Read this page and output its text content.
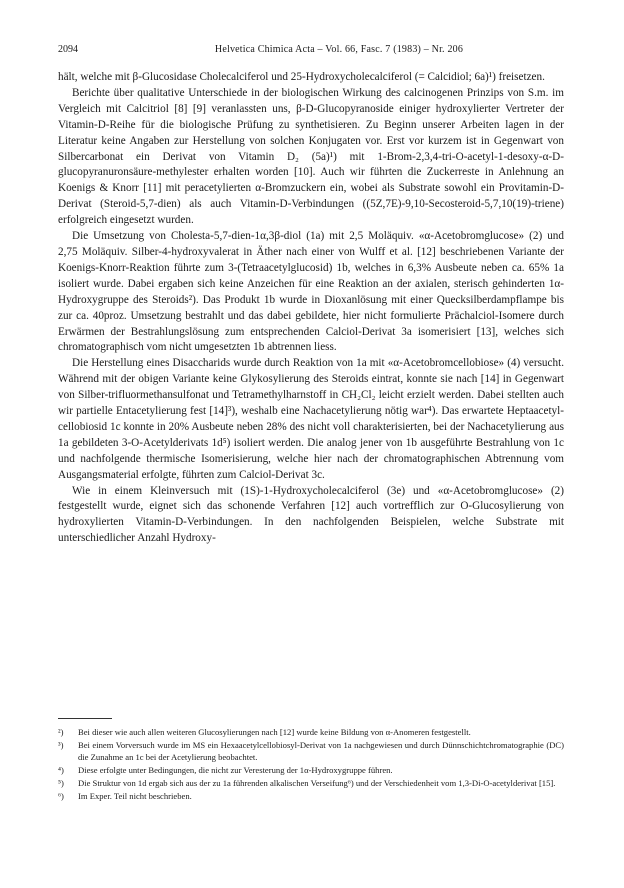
2094	Helvetica Chimica Acta – Vol. 66, Fasc. 7 (1983) – Nr. 206

hält, welche mit β-Glucosidase Cholecalciferol und 25-Hydroxycholecalciferol (= Calcidiol; 6a)¹) freisetzen.

Berichte über qualitative Unterschiede in der biologischen Wirkung des calcinogenen Prinzips von S.m. im Vergleich mit Calcitriol [8] [9] veranlassten uns, β-D-Glucopyranoside einiger hydroxylierter Vertreter der Vitamin-D-Reihe für die biologische Prüfung zu synthetisieren. Zu Beginn unserer Arbeiten lagen in der Literatur keine Angaben zur Herstellung von solchen Konjugaten vor. Erst vor kurzem ist in Gegenwart von Silbercarbonat ein Derivat von Vitamin D₂ (5a)¹) mit 1-Brom-2,3,4-tri-O-acetyl-1-desoxy-α-D-glucopyranuronsäure-methylester erhalten worden [10]. Auch wir führten die Zuckerreste in Anlehnung an Koenigs & Knorr [11] mit peracetylierten α-Bromzuckern ein, wobei als Substrate sowohl ein Provitamin-D-Derivat (Steroid-5,7-dien) als auch Vitamin-D-Verbindungen ((5Z,7E)-9,10-Secosteroid-5,7,10(19)-triene) erfolgreich eingesetzt wurden.

Die Umsetzung von Cholesta-5,7-dien-1α,3β-diol (1a) mit 2,5 Moläquiv. «α-Acetobromglucose» (2) und 2,75 Moläquiv. Silber-4-hydroxyvalerat in Äther nach einer von Wulff et al. [12] beschriebenen Variante der Koenigs-Knorr-Reaktion führte zum 3-(Tetraacetylglucosid) 1b, welches in 6,3% Ausbeute neben ca. 65% 1a isoliert wurde. Dabei ergaben sich keine Anzeichen für eine Reaktion an der axialen, sterisch gehinderten 1α-Hydroxygruppe des Steroids²). Das Produkt 1b wurde in Dioxanlösung mit einer Quecksilberdampflampe bis zur ca. 40proz. Umsetzung bestrahlt und das dabei gebildete, hier nicht formulierte Prächalciol-Isomere durch Erwärmen der Bestrahlungslösung zum entsprechenden Calciol-Derivat 3a isomerisiert [13], welches sich chromatographisch vom nicht umgesetzten 1b abtrennen liess.

Die Herstellung eines Disaccharids wurde durch Reaktion von 1a mit «α-Acetobromcellobiose» (4) versucht. Während mit der obigen Variante keine Glykosylierung des Steroids eintrat, konnte sie nach [14] in Gegenwart von Silber-trifluormethansulfonat und Tetramethylharnstoff in CH₂Cl₂ leicht erzielt werden. Dabei stellten auch wir partielle Entacetylierung fest [14]³), weshalb eine Nachacetylierung nötig war⁴). Das erwartete Heptaacetyl-cellobiosid 1c konnte in 20% Ausbeute neben 28% des nicht voll charakterisierten, bei der Nachacetylierung aus 1a gebildeten 3-O-Acetylderivats 1d⁵) isoliert werden. Die analog jener von 1b ausgeführte Bestrahlung von 1c und nachfolgende thermische Isomerisierung, welche hier nach der chromatographischen Abtrennung vom Ausgangsmaterial erfolgte, führten zum Calciol-Derivat 3c.

Wie in einem Kleinversuch mit (1S)-1-Hydroxycholecalciferol (3e) und «α-Acetobromglucose» (2) festgestellt wurde, eignet sich das schonende Verfahren [12] auch vortrefflich zur O-Glucosylierung von hydroxylierten Vitamin-D-Verbindungen. In den nachfolgenden Beispielen, welche Substrate mit unterschiedlicher Anzahl Hydroxy-

²)	Bei dieser wie auch allen weiteren Glucosylierungen nach [12] wurde keine Bildung von α-Anomeren festgestellt.
³)	Bei einem Vorversuch wurde im MS ein Hexaacetylcellobiosyl-Derivat von 1a nachgewiesen und durch Dünnschichtchromatographie (DC) die Zunahme an 1c bei der Acetylierung beobachtet.
⁴)	Diese erfolgte unter Bedingungen, die nicht zur Veresterung der 1α-Hydroxygruppe führen.
⁵)	Die Struktur von 1d ergab sich aus der zu 1a führenden alkalischen Verseifung⁶) und der Verschiedenheit vom 1,3-Di-O-acetylderivat [15].
⁶)	Im Exper. Teil nicht beschrieben.
